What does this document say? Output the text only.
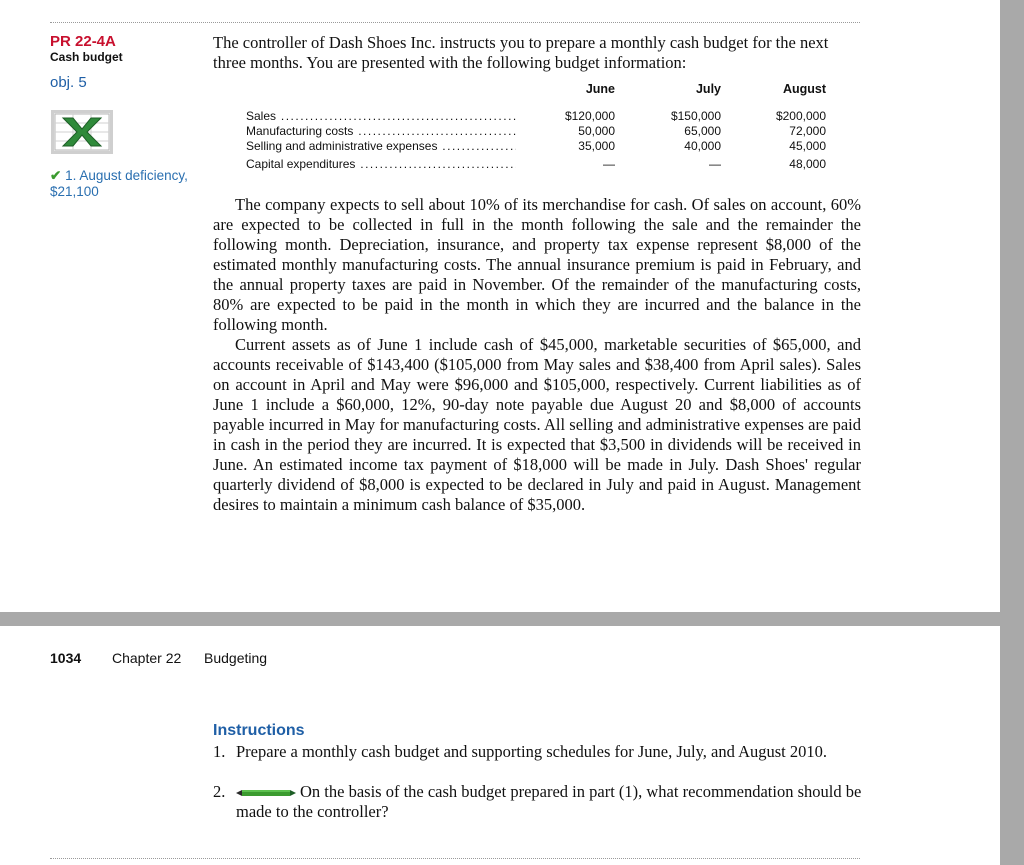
PR 22-4A
Cash budget
obj. 5
✔ 1. August deficiency, $21,100

The controller of Dash Shoes Inc. instructs you to prepare a monthly cash budget for the next three months. You are presented with the following budget information:

June	July	August
Sales .....	$120,000	$150,000	$200,000
Manufacturing costs .....	50,000	65,000	72,000
Selling and administrative expenses .....	35,000	40,000	45,000
Capital expenditures .....	—	—	48,000

The company expects to sell about 10% of its merchandise for cash. Of sales on account, 60% are expected to be collected in full in the month following the sale and the remainder the following month. Depreciation, insurance, and property tax expense represent $8,000 of the estimated monthly manufacturing costs. The annual insurance premium is paid in February, and the annual property taxes are paid in November. Of the remainder of the manufacturing costs, 80% are expected to be paid in the month in which they are incurred and the balance in the following month.

Current assets as of June 1 include cash of $45,000, marketable securities of $65,000, and accounts receivable of $143,400 ($105,000 from May sales and $38,400 from April sales). Sales on account in April and May were $96,000 and $105,000, respectively. Current liabilities as of June 1 include a $60,000, 12%, 90-day note payable due August 20 and $8,000 of accounts payable incurred in May for manufacturing costs. All selling and administrative expenses are paid in cash in the period they are incurred. It is expected that $3,500 in dividends will be received in June. An estimated income tax payment of $18,000 will be made in July. Dash Shoes' regular quarterly dividend of $8,000 is expected to be declared in July and paid in August. Management desires to maintain a minimum cash balance of $35,000.

1034 Chapter 22 Budgeting
Instructions
1. Prepare a monthly cash budget and supporting schedules for June, July, and August 2010.
2.	On the basis of the cash budget prepared in part (1), what recommendation should be made to the controller?
